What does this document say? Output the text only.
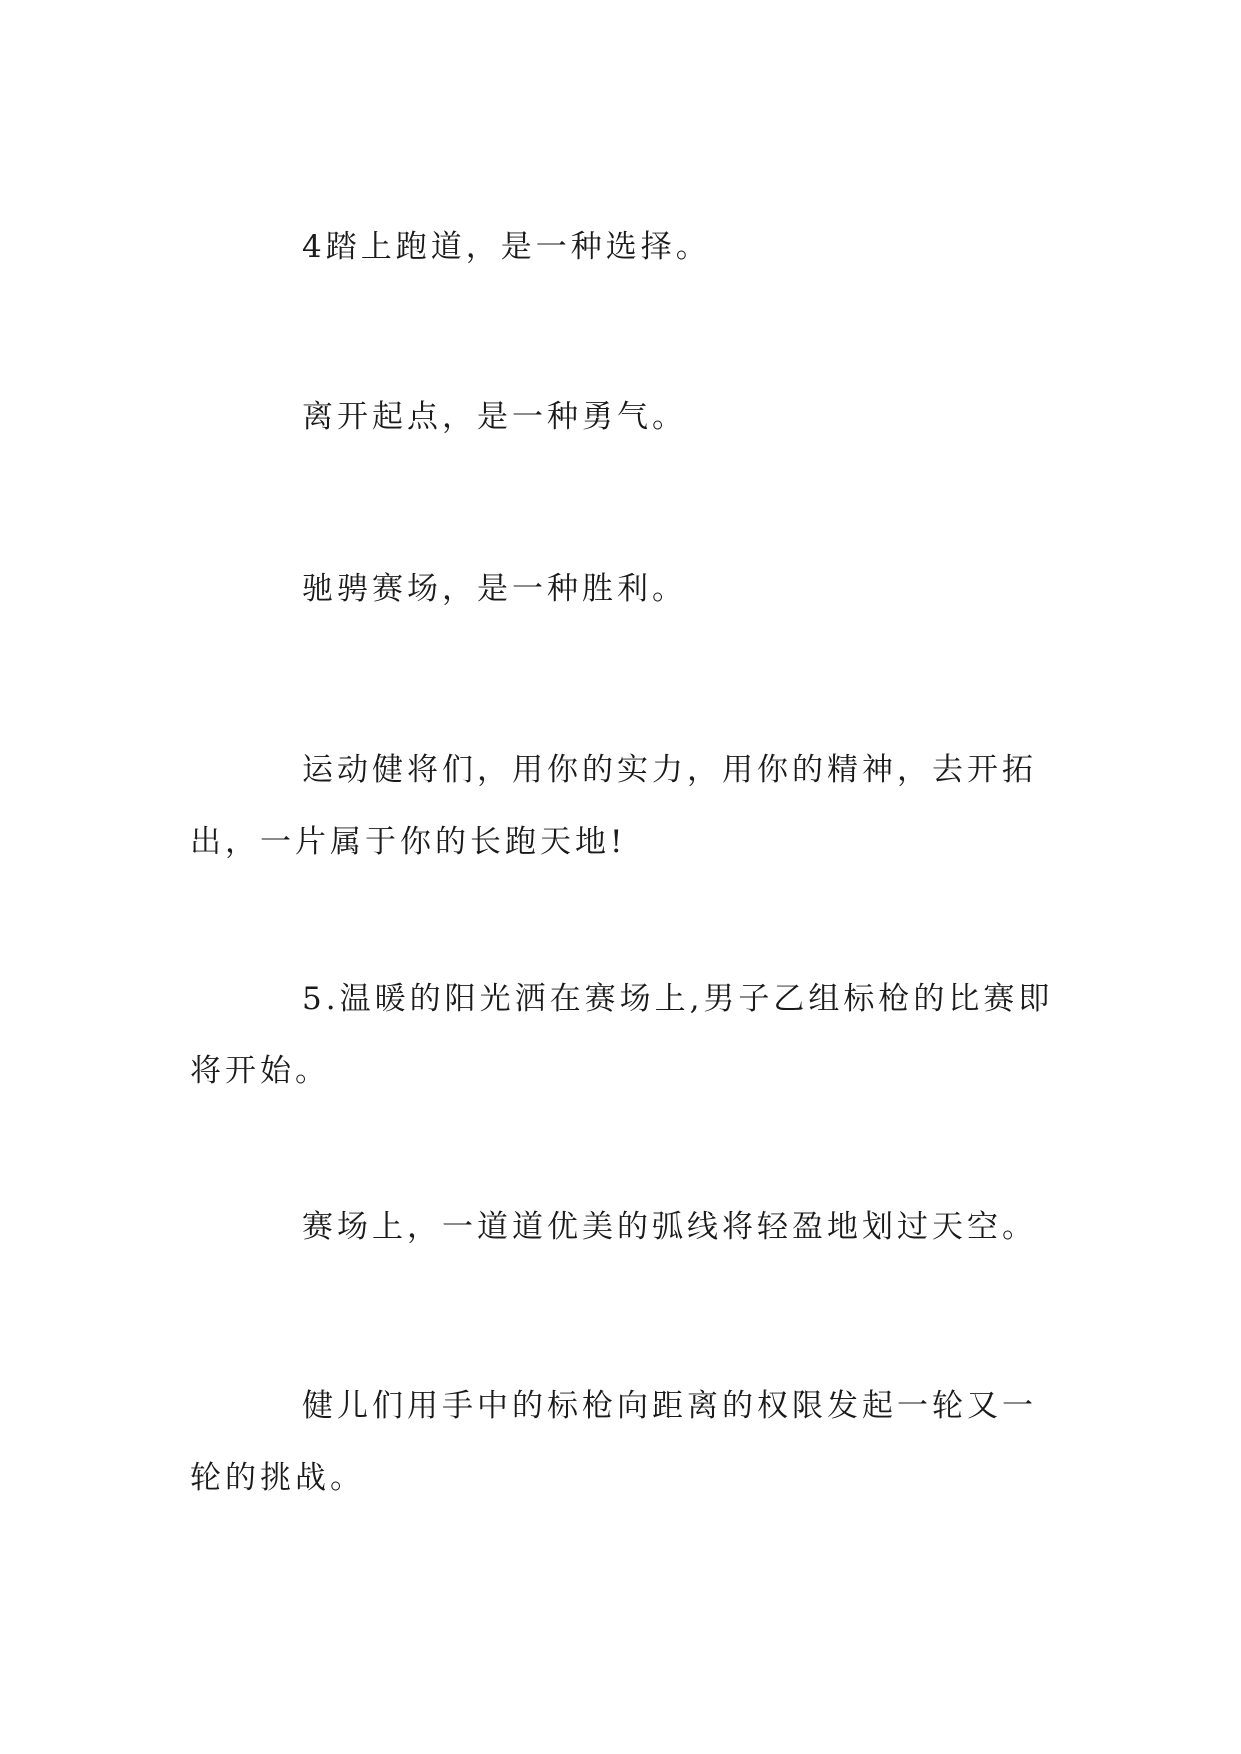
4踏上跑道，是一种选择。

离开起点，是一种勇气。

驰骋赛场，是一种胜利。

运动健将们，用你的实力，用你的精神，去开拓出，一片属于你的长跑天地!

5.温暖的阳光洒在赛场上,男子乙组标枪的比赛即将开始。

赛场上，一道道优美的弧线将轻盈地划过天空。

健儿们用手中的标枪向距离的权限发起一轮又一轮的挑战。
